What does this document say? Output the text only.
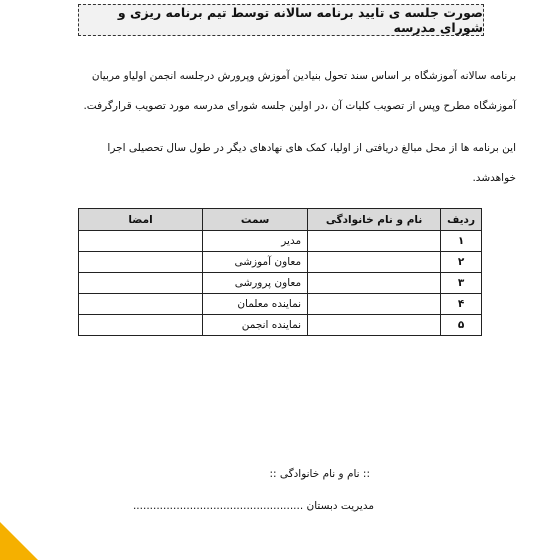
صورت جلسه ی تایید برنامه سالانه توسط تیم برنامه ریزی و شورای مدرسه
برنامه سالانه آموزشگاه بر اساس سند تحول بنیادین آموزش وپرورش درجلسه انجمن اولیاو مربیان
آموزشگاه مطرح وپس از تصویب کلیات آن ،در اولین جلسه شورای مدرسه مورد تصویب قرارگرفت.
این برنامه ها از محل مبالغ دریافتی از اولیا، کمک های نهادهای دیگر در طول سال تحصیلی اجرا
خواهدشد.
ردیف	نام و نام خانوادگی	سمت	امضا
۱		مدیر	
۲		معاون آموزشی	
۳		معاون پرورشی	
۴		نماینده معلمان	
۵		نماینده انجمن	
:: نام و نام خانوادگی ::
مدیریت دبستان ...................................................
